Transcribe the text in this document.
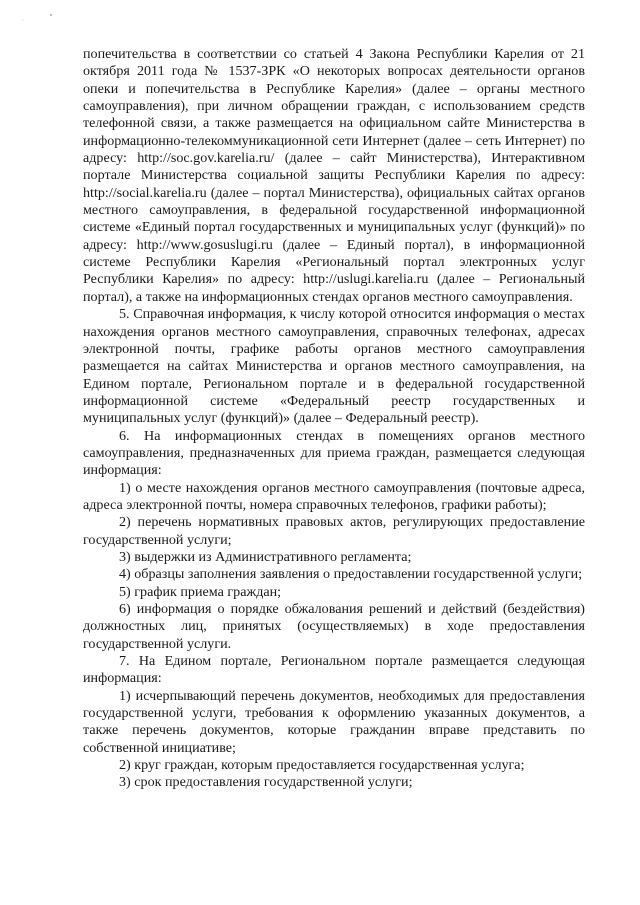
·

попечительства в соответствии со статьей 4 Закона Республики Карелия от 21 октября 2011 года № 1537-ЗРК «О некоторых вопросах деятельности органов опеки и попечительства в Республике Карелия» (далее – органы местного самоуправления), при личном обращении граждан, с использованием средств телефонной связи, а также размещается на официальном сайте Министерства в информационно-телекоммуникационной сети Интернет (далее – сеть Интернет) по адресу: http://soc.gov.karelia.ru/ (далее – сайт Министерства), Интерактивном портале Министерства социальной защиты Республики Карелия по адресу: http://social.karelia.ru (далее – портал Министерства), официальных сайтах органов местного самоуправления, в федеральной государственной информационной системе «Единый портал государственных и муниципальных услуг (функций)» по адресу: http://www.gosuslugi.ru (далее – Единый портал), в информационной системе Республики Карелия «Региональный портал электронных услуг Республики Карелия» по адресу: http://uslugi.karelia.ru (далее – Региональный портал), а также на информационных стендах органов местного самоуправления.

5. Справочная информация, к числу которой относится информация о местах нахождения органов местного самоуправления, справочных телефонах, адресах электронной почты, графике работы органов местного самоуправления размещается на сайтах Министерства и органов местного самоуправления, на Едином портале, Региональном портале и в федеральной государственной информационной системе «Федеральный реестр государственных и муниципальных услуг (функций)» (далее – Федеральный реестр).

6. На информационных стендах в помещениях органов местного самоуправления, предназначенных для приема граждан, размещается следующая информация:

1) о месте нахождения органов местного самоуправления (почтовые адреса, адреса электронной почты, номера справочных телефонов, графики работы);

2) перечень нормативных правовых актов, регулирующих предоставление государственной услуги;

3) выдержки из Административного регламента;

4) образцы заполнения заявления о предоставлении государственной услуги;

5) график приема граждан;

6) информация о порядке обжалования решений и действий (бездействия) должностных лиц, принятых (осуществляемых) в ходе предоставления государственной услуги.

7. На Едином портале, Региональном портале размещается следующая информация:

1) исчерпывающий перечень документов, необходимых для предоставления государственной услуги, требования к оформлению указанных документов, а также перечень документов, которые гражданин вправе представить по собственной инициативе;

2) круг граждан, которым предоставляется государственная услуга;

3) срок предоставления государственной услуги;
